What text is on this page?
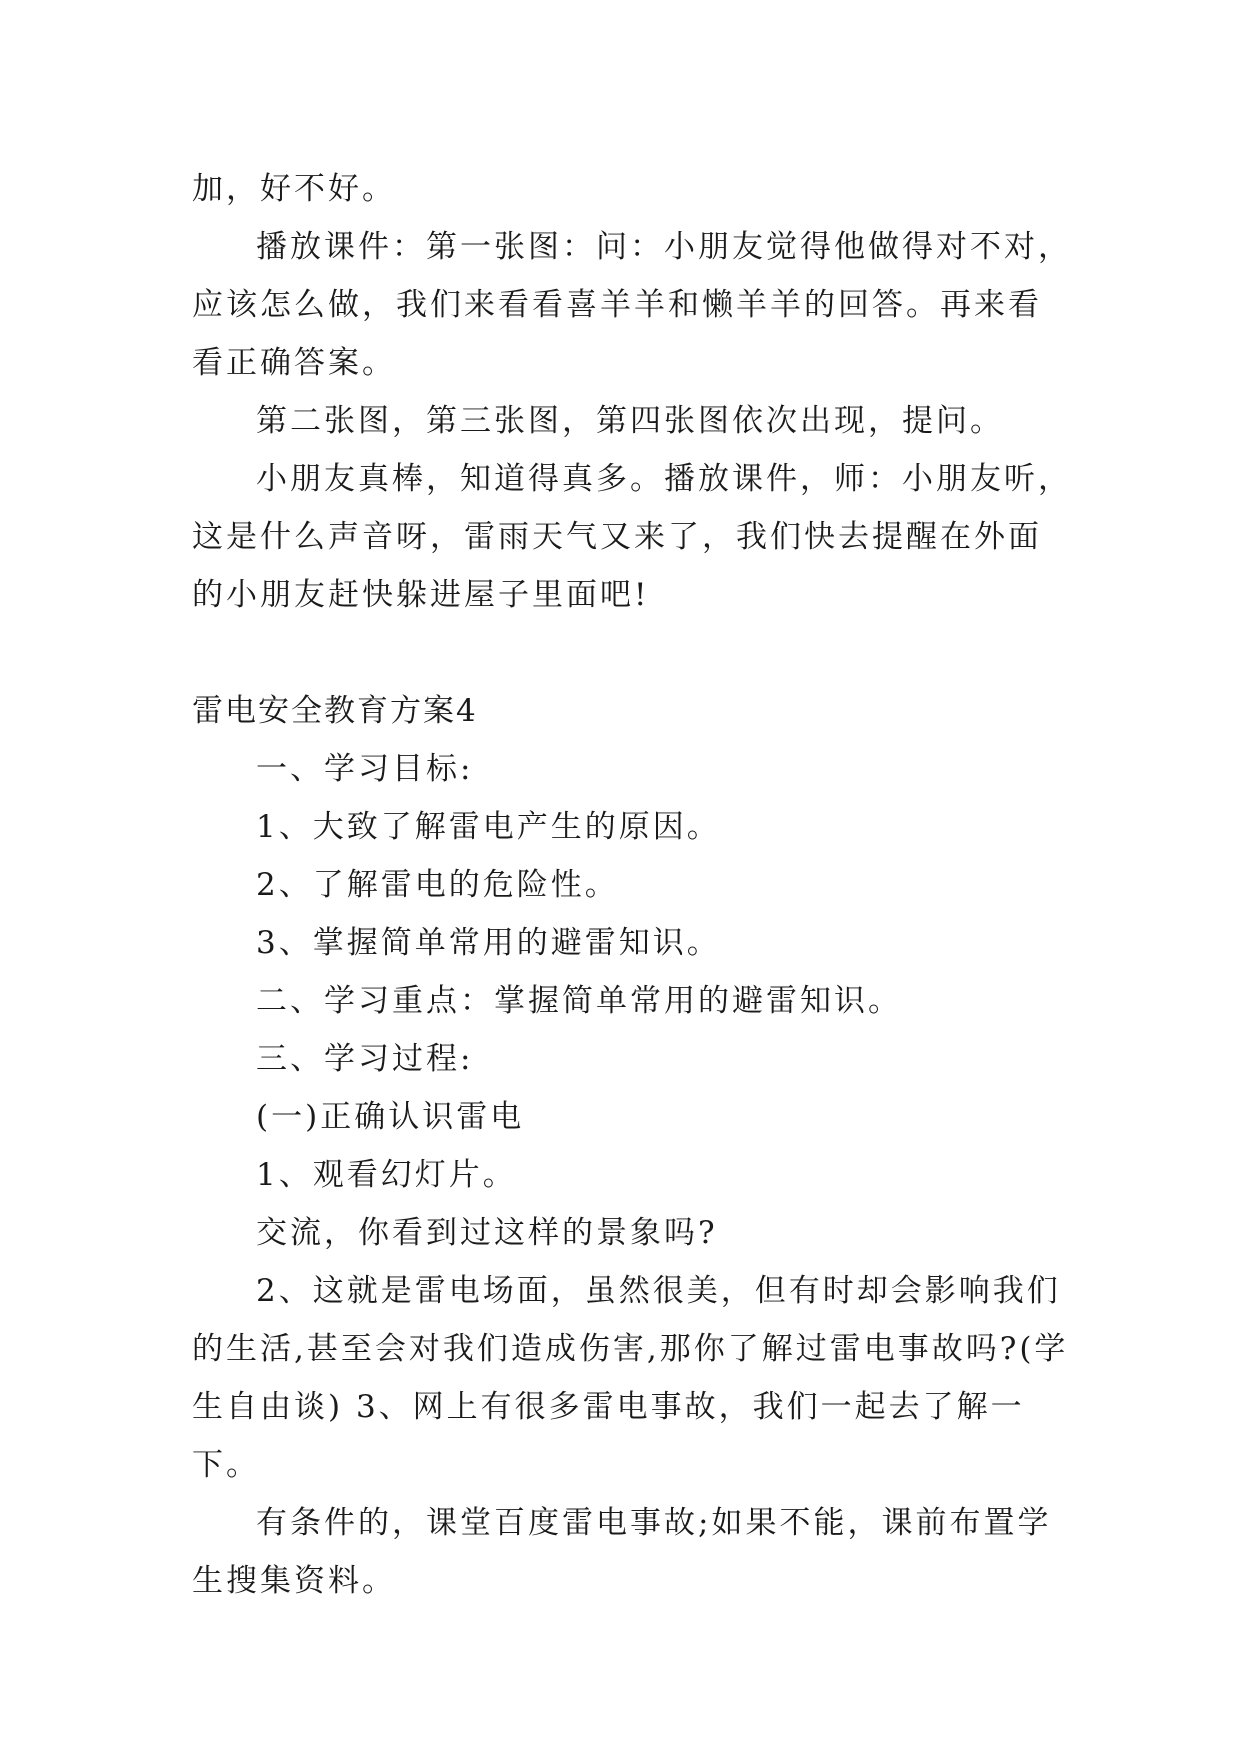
加，好不好。

播放课件：第一张图：问：小朋友觉得他做得对不对，应该怎么做，我们来看看喜羊羊和懒羊羊的回答。再来看看正确答案。

第二张图，第三张图，第四张图依次出现，提问。

小朋友真棒，知道得真多。播放课件，师：小朋友听，这是什么声音呀，雷雨天气又来了，我们快去提醒在外面的小朋友赶快躲进屋子里面吧!

雷电安全教育方案4

一、学习目标:

1、大致了解雷电产生的原因。

2、了解雷电的危险性。

3、掌握简单常用的避雷知识。

二、学习重点：掌握简单常用的避雷知识。

三、学习过程:

(一)正确认识雷电

1、观看幻灯片。

交流，你看到过这样的景象吗?

2、这就是雷电场面，虽然很美，但有时却会影响我们的生活,甚至会对我们造成伤害,那你了解过雷电事故吗?(学生自由谈) 3、网上有很多雷电事故，我们一起去了解一下。

有条件的，课堂百度雷电事故;如果不能，课前布置学生搜集资料。
